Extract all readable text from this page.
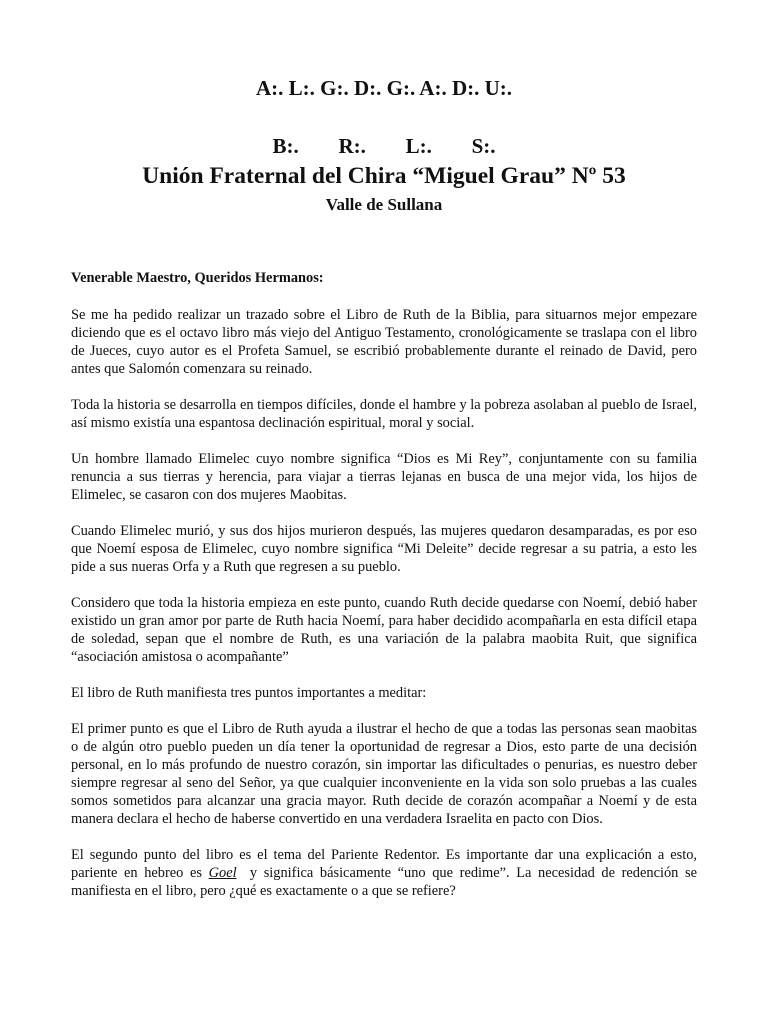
A:. L:. G:. D:. G:. A:. D:. U:.

B:.   R:.   L:.   S:.

Unión Fraternal del Chira “Miguel Grau” Nº 53

Valle de Sullana

Venerable Maestro, Queridos Hermanos:

Se me ha pedido realizar un trazado sobre el Libro de Ruth de la Biblia, para situarnos mejor empezare diciendo que es el octavo libro más viejo del Antiguo Testamento, cronológicamente se traslapa con el libro de Jueces, cuyo autor es el Profeta Samuel, se escribió probablemente durante el reinado de David, pero antes que Salomón comenzara su reinado.

Toda la historia se desarrolla en tiempos difíciles, donde el hambre y la pobreza asolaban al pueblo de Israel, así mismo existía una espantosa declinación espiritual, moral y social.

Un hombre llamado Elimelec cuyo nombre significa “Dios es Mi Rey”, conjuntamente con su familia renuncia a sus tierras y herencia, para viajar a tierras lejanas en busca de una mejor vida, los hijos de Elimelec, se casaron con dos mujeres Maobitas.

Cuando Elimelec murió, y sus dos hijos murieron después, las mujeres quedaron desamparadas, es por eso que Noemí esposa de Elimelec, cuyo nombre significa “Mi Deleite” decide regresar a su patria, a esto les pide a sus nueras Orfa y a Ruth que regresen a su pueblo.

Considero que toda la historia empieza en este punto, cuando Ruth decide quedarse con Noemí, debió haber existido un gran amor por parte de Ruth hacia Noemí, para haber decidido acompañarla en esta difícil etapa de soledad, sepan que el nombre de Ruth, es una variación de la palabra maobita Ruit, que significa “asociación amistosa o acompañante”

El libro de Ruth manifiesta tres puntos importantes a meditar:

El primer punto es que el Libro de Ruth ayuda a ilustrar el hecho de que a todas las personas sean maobitas o de algún otro pueblo pueden un día tener la oportunidad de regresar a Dios, esto parte de una decisión personal, en lo más profundo de nuestro corazón, sin importar las dificultades o penurias, es nuestro deber siempre regresar al seno del Señor, ya que cualquier inconveniente en la vida son solo pruebas a las cuales somos sometidos para alcanzar una gracia mayor. Ruth decide de corazón acompañar a Noemí y de esta manera declara el hecho de haberse convertido en una verdadera Israelita en pacto con Dios.

El segundo punto del libro es el tema del Pariente Redentor. Es importante dar una explicación a esto, pariente en hebreo es Goel  y significa básicamente “uno que redime”. La necesidad de redención se manifiesta en el libro, pero ¿qué es exactamente o a que se refiere?
